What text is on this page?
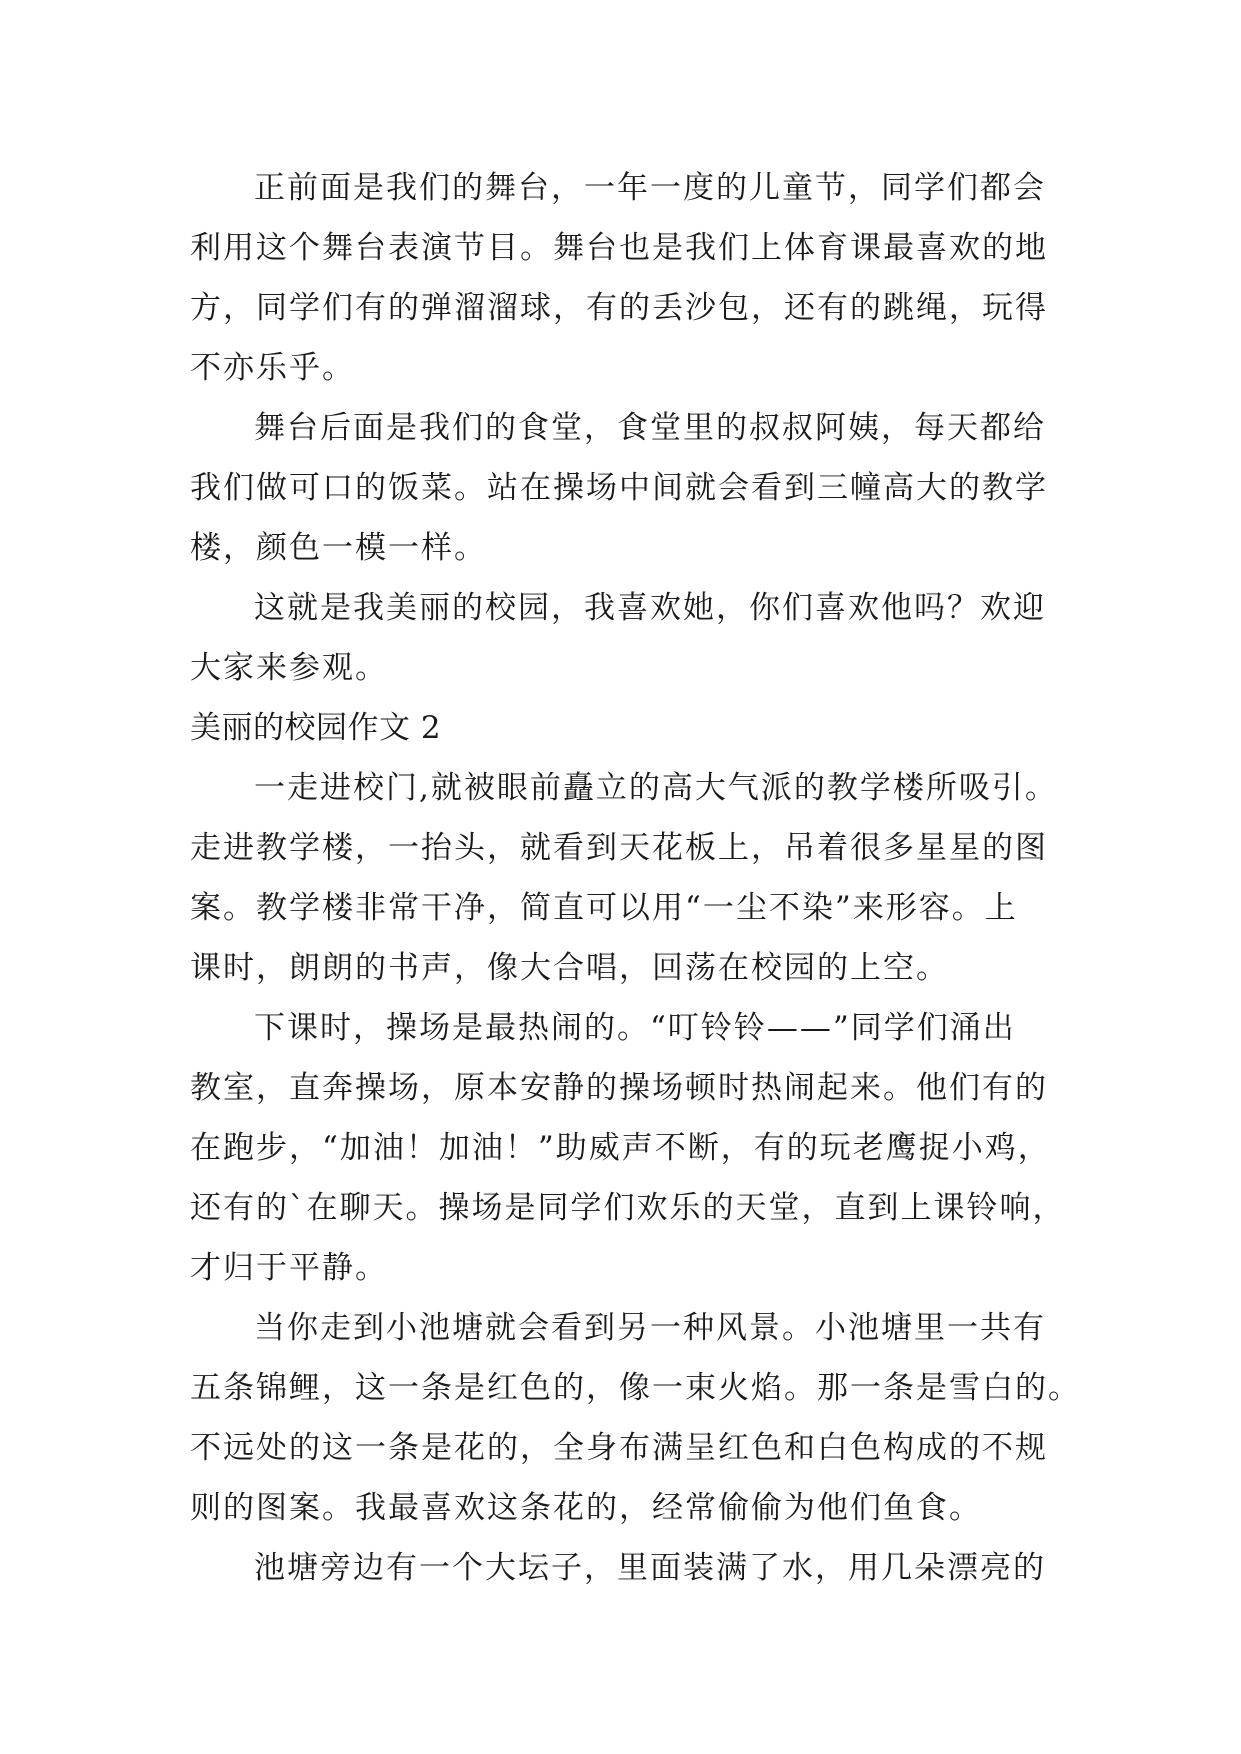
正前面是我们的舞台，一年一度的儿童节，同学们都会
利用这个舞台表演节目。舞台也是我们上体育课最喜欢的地
方，同学们有的弹溜溜球，有的丢沙包，还有的跳绳，玩得
不亦乐乎。
舞台后面是我们的食堂，食堂里的叔叔阿姨，每天都给
我们做可口的饭菜。站在操场中间就会看到三幢高大的教学
楼，颜色一模一样。
这就是我美丽的校园，我喜欢她，你们喜欢他吗？欢迎
大家来参观。
美丽的校园作文 2
一走进校门,就被眼前矗立的高大气派的教学楼所吸引。
走进教学楼，一抬头，就看到天花板上，吊着很多星星的图
案。教学楼非常干净，简直可以用“一尘不染”来形容。上
课时，朗朗的书声，像大合唱，回荡在校园的上空。
下课时，操场是最热闹的。“叮铃铃——”同学们涌出
教室，直奔操场，原本安静的操场顿时热闹起来。他们有的
在跑步，“加油！加油！”助威声不断，有的玩老鹰捉小鸡，
还有的`在聊天。操场是同学们欢乐的天堂，直到上课铃响，
才归于平静。
当你走到小池塘就会看到另一种风景。小池塘里一共有
五条锦鲤，这一条是红色的，像一束火焰。那一条是雪白的。
不远处的这一条是花的，全身布满呈红色和白色构成的不规
则的图案。我最喜欢这条花的，经常偷偷为他们鱼食。
池塘旁边有一个大坛子，里面装满了水，用几朵漂亮的
